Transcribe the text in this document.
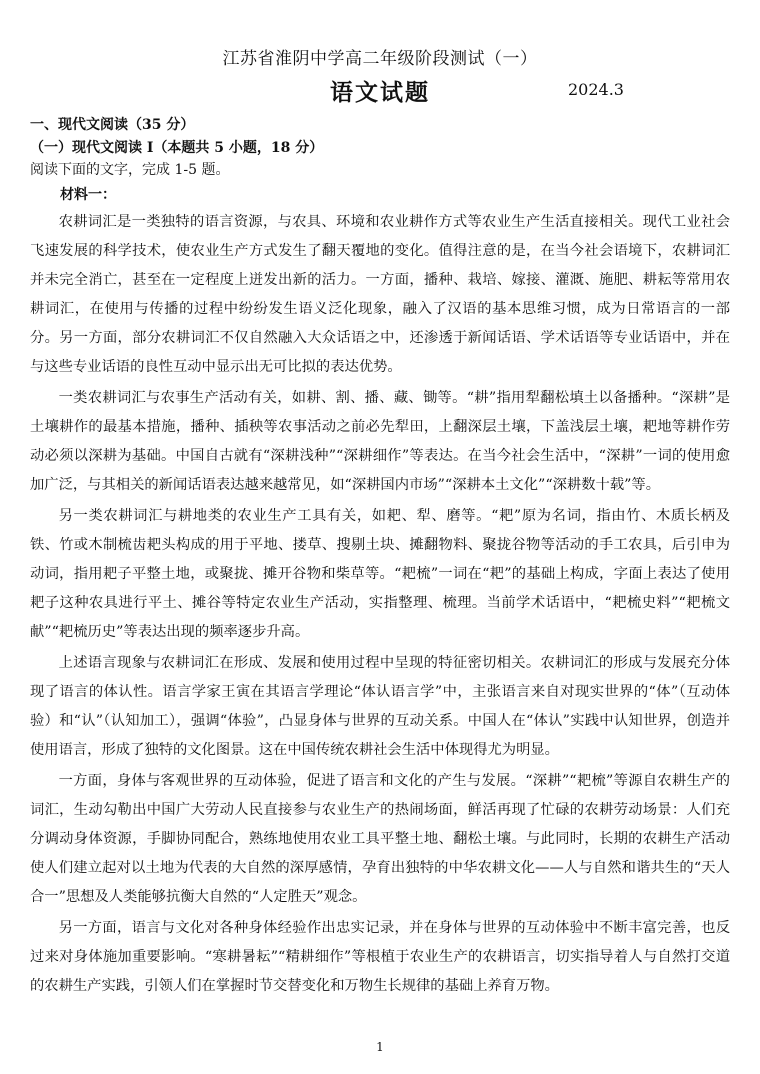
江苏省淮阴中学高二年级阶段测试（一）
语文试题	2024.3
一、现代文阅读（35 分）
（一）现代文阅读 I（本题共 5 小题，18 分）
阅读下面的文字，完成 1-5 题。
材料一：

农耕词汇是一类独特的语言资源，与农具、环境和农业耕作方式等农业生产生活直接相关。现代工业社会飞速发展的科学技术，使农业生产方式发生了翻天覆地的变化。值得注意的是，在当今社会语境下，农耕词汇并未完全消亡，甚至在一定程度上迸发出新的活力。一方面，播种、栽培、嫁接、灌溉、施肥、耕耘等常用农耕词汇，在使用与传播的过程中纷纷发生语义泛化现象，融入了汉语的基本思维习惯，成为日常语言的一部分。另一方面，部分农耕词汇不仅自然融入大众话语之中，还渗透于新闻话语、学术话语等专业话语中，并在与这些专业话语的良性互动中显示出无可比拟的表达优势。

一类农耕词汇与农事生产活动有关，如耕、割、播、藏、锄等。“耕”指用犁翻松填土以备播种。“深耕”是土壤耕作的最基本措施，播种、插秧等农事活动之前必先犁田，上翻深层土壤，下盖浅层土壤，耙地等耕作劳动必须以深耕为基础。中国自古就有“深耕浅种”“深耕细作”等表达。在当今社会生活中，“深耕”一词的使用愈加广泛，与其相关的新闻话语表达越来越常见，如“深耕国内市场”“深耕本土文化”“深耕数十载”等。

另一类农耕词汇与耕地类的农业生产工具有关，如耙、犁、磨等。“耙”原为名词，指由竹、木质长柄及铁、竹或木制梳齿耙头构成的用于平地、搂草、搜剔土块、摊翻物料、聚拢谷物等活动的手工农具，后引申为动词，指用耙子平整土地，或聚拢、摊开谷物和柴草等。“耙梳”一词在“耙”的基础上构成，字面上表达了使用耙子这种农具进行平土、摊谷等特定农业生产活动，实指整理、梳理。当前学术话语中，“耙梳史料”“耙梳文献”“耙梳历史”等表达出现的频率逐步升高。

上述语言现象与农耕词汇在形成、发展和使用过程中呈现的特征密切相关。农耕词汇的形成与发展充分体现了语言的体认性。语言学家王寅在其语言学理论“体认语言学”中，主张语言来自对现实世界的“体”（互动体验）和“认”（认知加工），强调“体验”，凸显身体与世界的互动关系。中国人在“体认”实践中认知世界，创造并使用语言，形成了独特的文化图景。这在中国传统农耕社会生活中体现得尤为明显。

一方面，身体与客观世界的互动体验，促进了语言和文化的产生与发展。“深耕”“耙梳”等源自农耕生产的词汇，生动勾勒出中国广大劳动人民直接参与农业生产的热闹场面，鲜活再现了忙碌的农耕劳动场景：人们充分调动身体资源，手脚协同配合，熟练地使用农业工具平整土地、翻松土壤。与此同时，长期的农耕生产活动使人们建立起对以土地为代表的大自然的深厚感情，孕育出独特的中华农耕文化——人与自然和谐共生的“天人合一”思想及人类能够抗衡大自然的“人定胜天”观念。

另一方面，语言与文化对各种身体经验作出忠实记录，并在身体与世界的互动体验中不断丰富完善，也反过来对身体施加重要影响。“寒耕暑耘”“精耕细作”等根植于农业生产的农耕语言，切实指导着人与自然打交道的农耕生产实践，引领人们在掌握时节交替变化和万物生长规律的基础上养育万物。

1
